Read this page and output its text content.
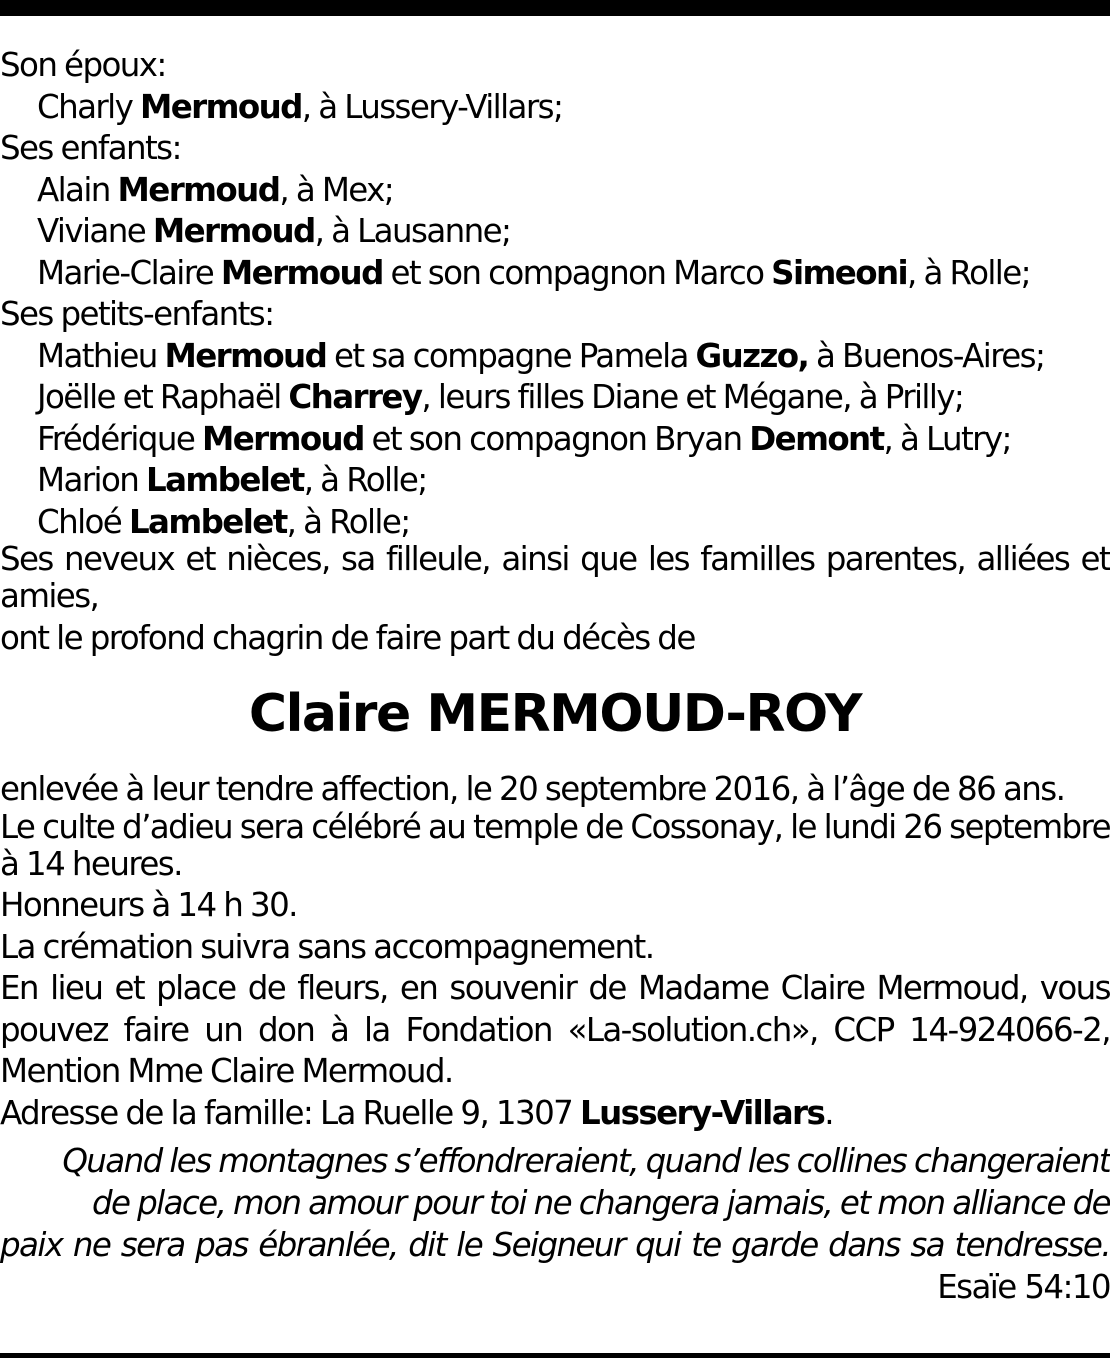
Son époux:
Charly Mermoud, à Lussery-Villars;
Ses enfants:
Alain Mermoud, à Mex;
Viviane Mermoud, à Lausanne;
Marie-Claire Mermoud et son compagnon Marco Simeoni, à Rolle;
Ses petits-enfants:
Mathieu Mermoud et sa compagne Pamela Guzzo, à Buenos-Aires;
Joëlle et Raphaël Charrey, leurs filles Diane et Mégane, à Prilly;
Frédérique Mermoud et son compagnon Bryan Demont, à Lutry;
Marion Lambelet, à Rolle;
Chloé Lambelet, à Rolle;
Ses neveux et nièces, sa filleule, ainsi que les familles parentes, alliées et
amies,
ont le profond chagrin de faire part du décès de
Claire MERMOUD-ROY
enlevée à leur tendre affection, le 20 septembre 2016, à l’âge de 86 ans.
Le culte d’adieu sera célébré au temple de Cossonay, le lundi 26 septembre
à 14 heures.
Honneurs à 14 h 30.
La crémation suivra sans accompagnement.
En lieu et place de fleurs, en souvenir de Madame Claire Mermoud, vous
pouvez faire un don à la Fondation «La-solution.ch», CCP 14-924066-2,
Mention Mme Claire Mermoud.
Adresse de la famille: La Ruelle 9, 1307 Lussery-Villars.
Quand les montagnes s’effondreraient, quand les collines changeraient
de place, mon amour pour toi ne changera jamais, et mon alliance de
paix ne sera pas ébranlée, dit le Seigneur qui te garde dans sa tendresse.
Esaïe 54:10
